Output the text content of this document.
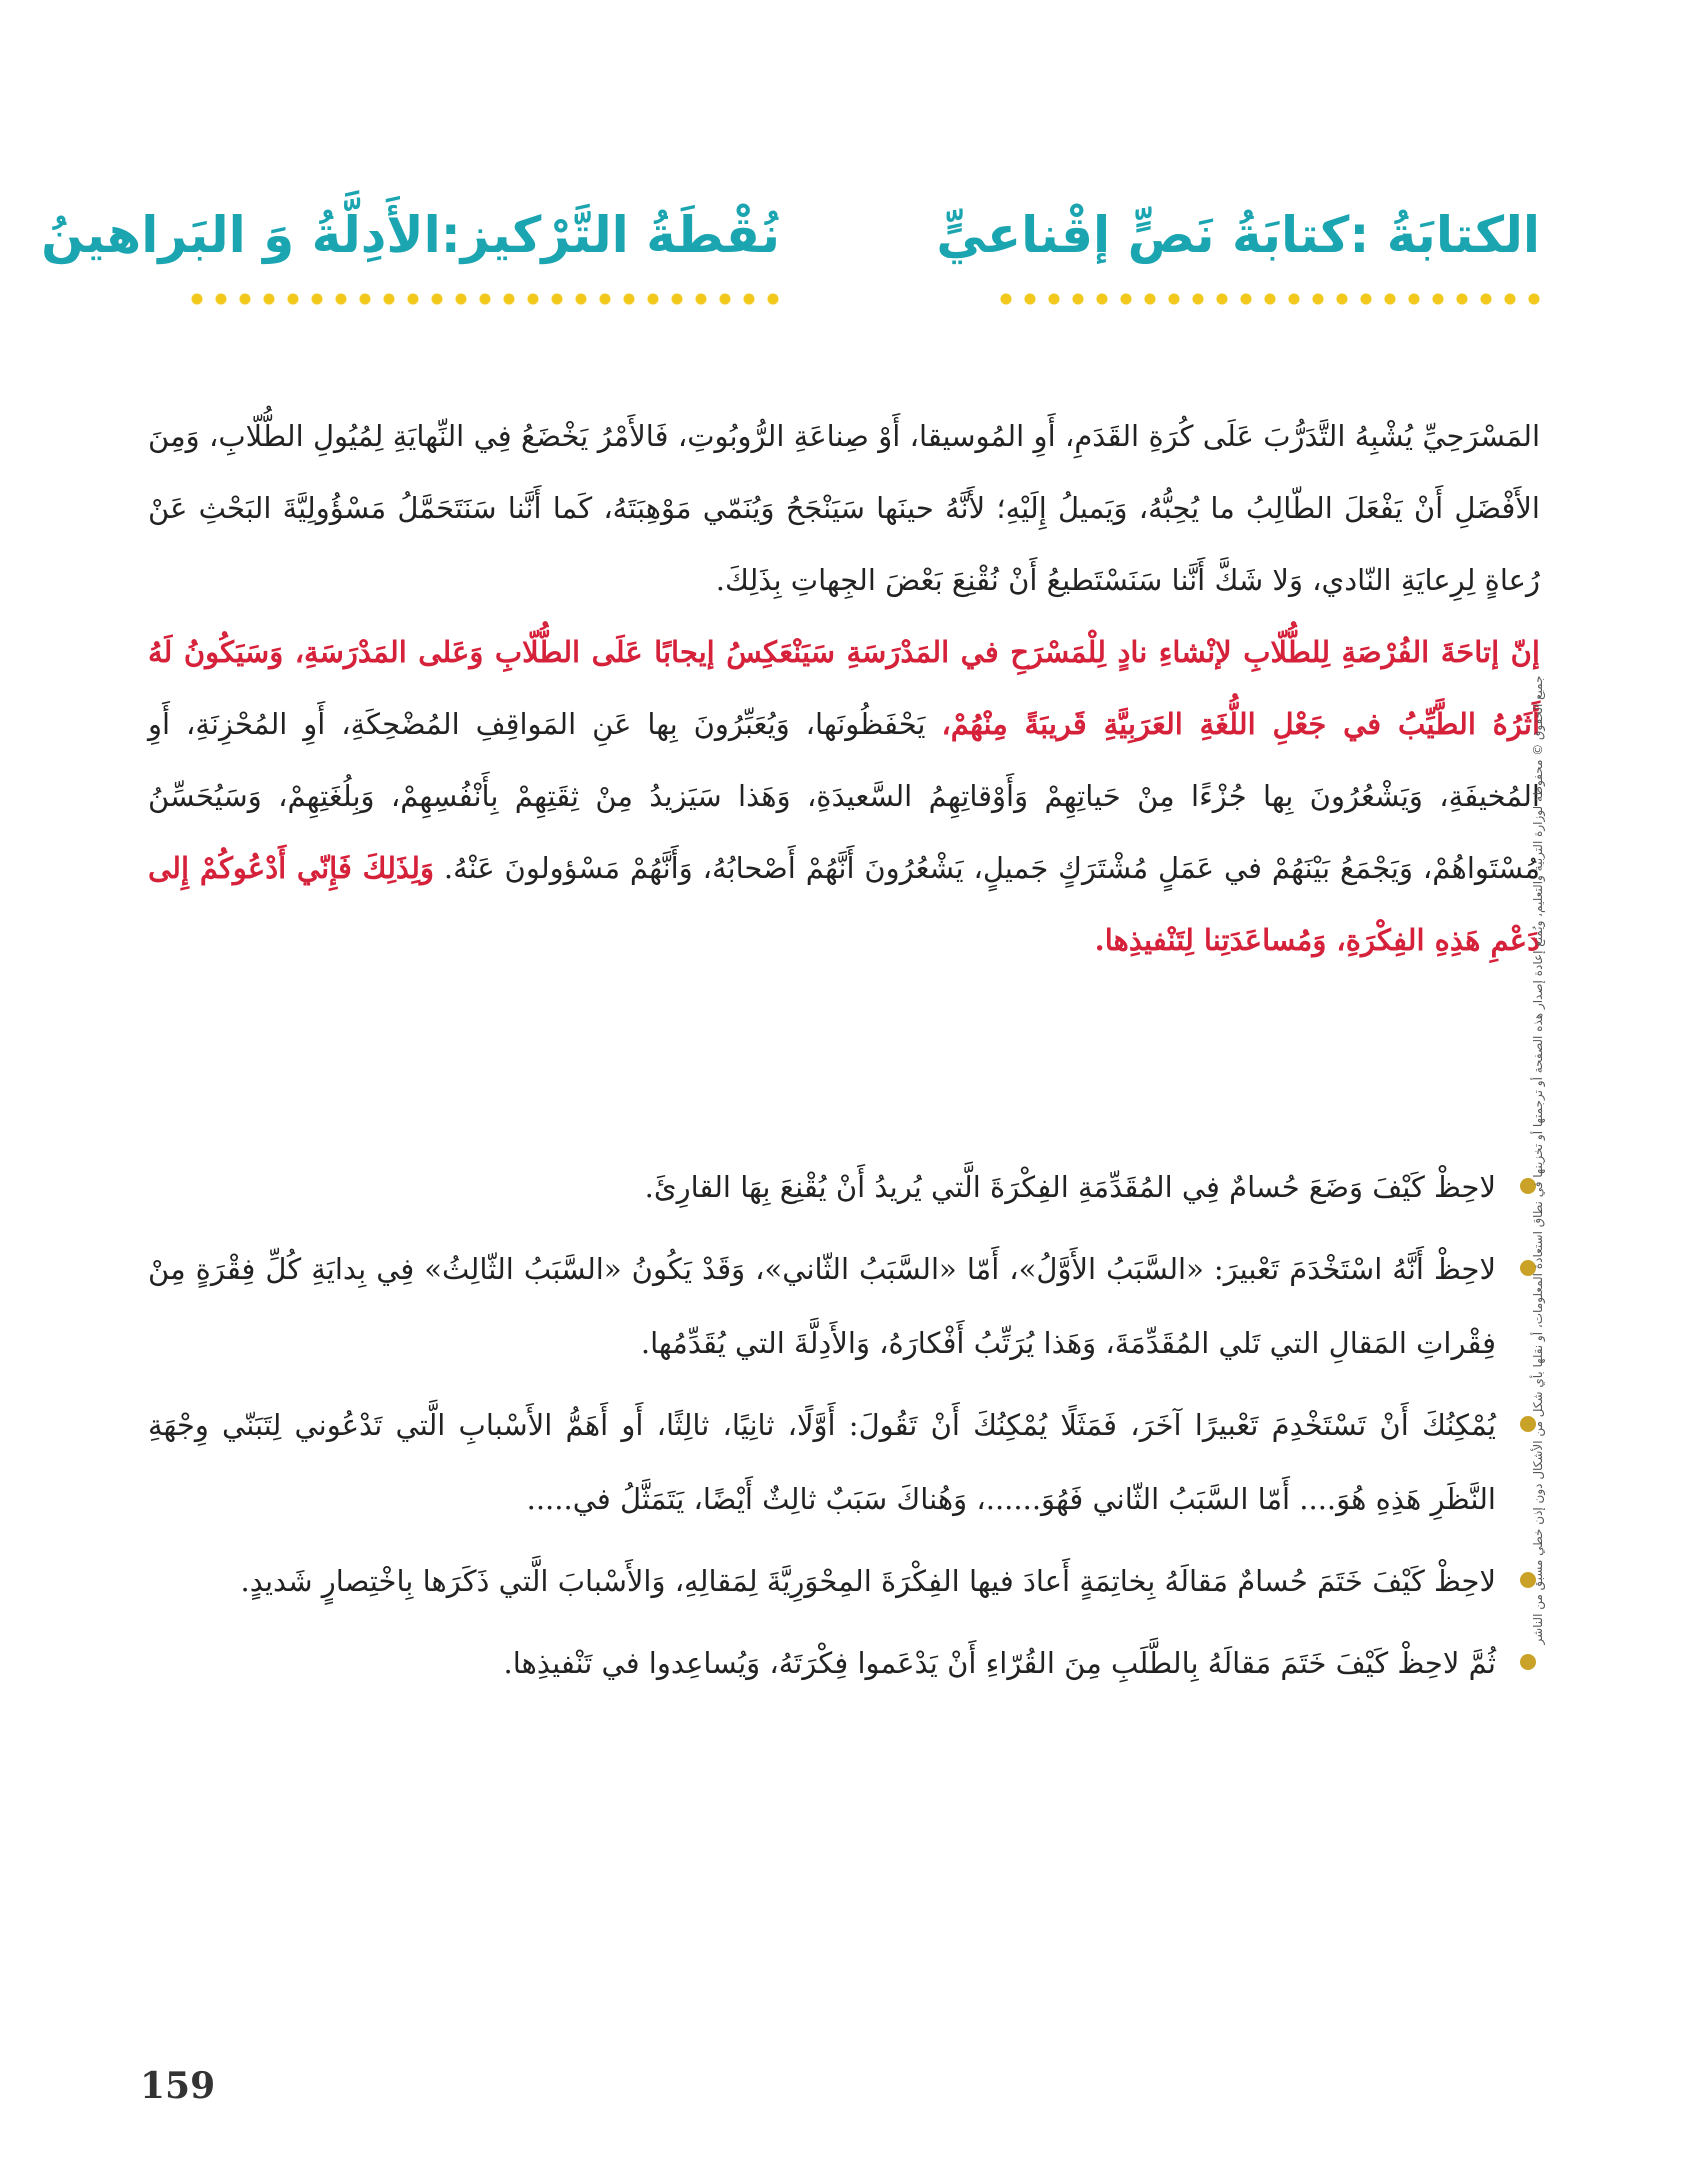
الكتابَةُ :كتابَةُ نَصٍّ إقْناعيٍّ
نُقْطَةُ التَّرْكيز:الأَدِلَّةُ وَ البَراهينُ

المَسْرَحِيِّ يُشْبِهُ التَّدَرُّبَ عَلَى كُرَةِ القَدَمِ، أَوِ المُوسيقا، أَوْ صِناعَةِ الرُّوبُوتِ، فَالأَمْرُ يَخْضَعُ فِي النِّهايَةِ لِمُيُولِ الطُّلّابِ، وَمِنَ الأَفْضَلِ أَنْ يَفْعَلَ الطّالِبُ ما يُحِبُّهُ، وَيَميلُ إِلَيْهِ؛ لأَنَّهُ حينَها سَيَنْجَحُ وَيُنَمّي مَوْهِبَتَهُ، كَما أَنَّنا سَنَتَحَمَّلُ مَسْؤُولِيَّةَ البَحْثِ عَنْ رُعاةٍ لِرِعايَةِ النّادي، وَلا شَكَّ أَنَّنا سَنَسْتَطيعُ أَنْ نُقْنِعَ بَعْضَ الجِهاتِ بِذَلِكَ.

إنّ إتاحَةَ الفُرْصَةِ لِلطُّلّابِ لإنْشاءِ نادٍ لِلْمَسْرَحِ في المَدْرَسَةِ سَيَنْعَكِسُ إيجابًا عَلَى الطُّلّابِ وَعَلى المَدْرَسَةِ، وَسَيَكُونُ لَهُ أَثَرُهُ الطَّيِّبُ في جَعْلِ اللُّغَةِ العَرَبِيَّةِ قَريبَةً مِنْهُمْ، يَحْفَظُونَها، وَيُعَبِّرُونَ بِها عَنِ المَواقِفِ المُضْحِكَةِ، أَوِ المُحْزِنَةِ، أَوِ المُخيفَةِ، وَيَشْعُرُونَ بِها جُزْءًا مِنْ حَياتِهِمْ وَأَوْقاتِهِمُ السَّعيدَةِ، وَهَذا سَيَزيدُ مِنْ ثِقَتِهِمْ بِأَنْفُسِهِمْ، وَبِلُغَتِهِمْ، وَسَيُحَسِّنُ مُسْتَواهُمْ، وَيَجْمَعُ بَيْنَهُمْ في عَمَلٍ مُشْتَرَكٍ جَميلٍ، يَشْعُرُونَ أَنَّهُمْ أَصْحابُهُ، وَأَنَّهُمْ مَسْؤولونَ عَنْهُ. وَلِذَلِكَ فَإِنّي أَدْعُوكُمْ إِلى دَعْمِ هَذِهِ الفِكْرَةِ، وَمُساعَدَتِنا لِتَنْفيذِها.

لاحِظْ كَيْفَ وَضَعَ حُسامٌ فِي المُقَدِّمَةِ الفِكْرَةَ الَّتي يُريدُ أَنْ يُقْنِعَ بِهَا القارِئَ.
لاحِظْ أَنَّهُ اسْتَخْدَمَ تَعْبيرَ: «السَّبَبُ الأَوَّلُ»، أَمّا «السَّبَبُ الثّاني»، وَقَدْ يَكُونُ «السَّبَبُ الثّالِثُ» فِي بِدايَةِ كُلِّ فِقْرَةٍ مِنْ فِقْراتِ المَقالِ التي تَلي المُقَدِّمَةَ، وَهَذا يُرَتِّبُ أَفْكارَهُ، وَالأَدِلَّةَ التي يُقَدِّمُها.
يُمْكِنُكَ أَنْ تَسْتَخْدِمَ تَعْبيرًا آخَرَ، فَمَثَلًا يُمْكِنُكَ أَنْ تَقُولَ: أَوَّلًا، ثانِيًا، ثالِثًا، أَو أَهَمُّ الأَسْبابِ الَّتي تَدْعُوني لِتَبَنّي وِجْهَةِ النَّظَرِ هَذِهِ هُوَ.... أَمّا السَّبَبُ الثّاني فَهُوَ......، وَهُناكَ سَبَبٌ ثالِثٌ أَيْضًا، يَتَمَثَّلُ في.....
لاحِظْ كَيْفَ خَتَمَ حُسامٌ مَقالَهُ بِخاتِمَةٍ أَعادَ فيها الفِكْرَةَ المِحْوَرِيَّةَ لِمَقالِهِ، وَالأَسْبابَ الَّتي ذَكَرَها بِاخْتِصارٍ شَديدٍ.
ثُمَّ لاحِظْ كَيْفَ خَتَمَ مَقالَهُ بِالطَّلَبِ مِنَ القُرّاءِ أَنْ يَدْعَموا فِكْرَتَهُ، وَيُساعِدوا في تَنْفيذِها.
جميع الحقوق © محفوظة لوزارة التربية والتعليم، ويُمنع إعادة إصدار هذه الصفحة أو ترجمتها أو تخزينها في نطاق استعادة المعلومات، أو نقلها بأي شكل من الأشكال دون إذن خطي مسبق من الناشر
159
